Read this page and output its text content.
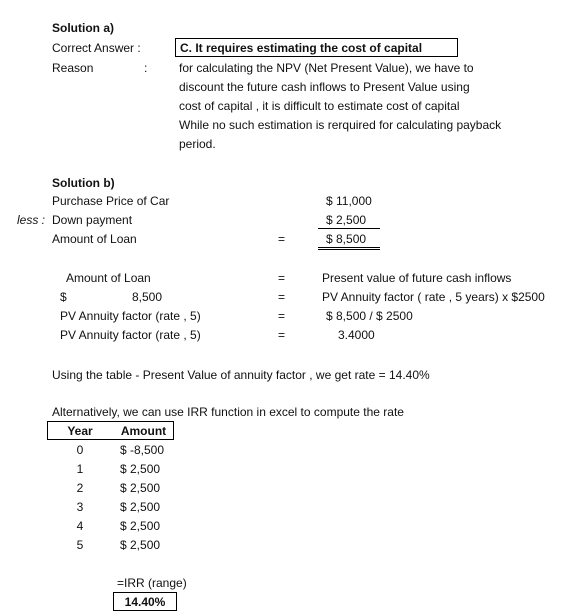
Solution a)
Correct Answer :	C. It requires estimating the cost of capital
Reason	:	for calculating the NPV (Net Present Value), we have to
discount the future cash inflows to Present Value using
cost of capital , it is difficult to estimate cost of capital
While no such estimation is rerquired for calculating payback
period.
Solution b)
Purchase Price of Car	$ 11,000
less : Down payment	$ 2,500
Amount of Loan	=	$ 8,500
Amount of Loan	=	Present value of future cash inflows
$	8,500	=	PV Annuity factor ( rate , 5 years) x $2500
PV Annuity factor (rate , 5)	=	$ 8,500 / $ 2500
PV Annuity factor (rate , 5)	=	3.4000
Using the table - Present Value of annuity factor , we get rate = 14.40%
Alternatively, we can use IRR function in excel to compute the rate
Year	Amount
0	$ -8,500
1	$ 2,500
2	$ 2,500
3	$ 2,500
4	$ 2,500
5	$ 2,500
=IRR (range)
14.40%
